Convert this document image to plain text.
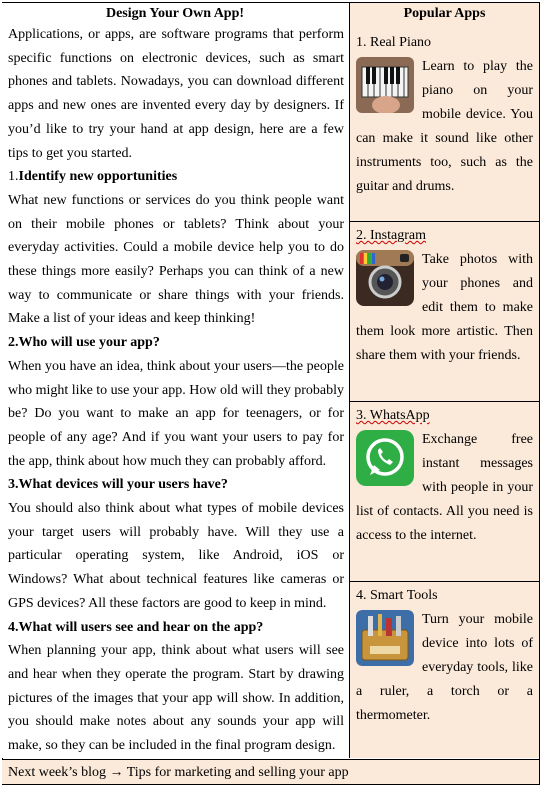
Design Your Own App!

Applications, or apps, are software programs that perform specific functions on electronic devices, such as smart phones and tablets. Nowadays, you can download different apps and new ones are invented every day by designers. If you’d like to try your hand at app design, here are a few tips to get you started.

1.Identify new opportunities

What new functions or services do you think people want on their mobile phones or tablets? Think about your everyday activities. Could a mobile device help you to do these things more easily? Perhaps you can think of a new way to communicate or share things with your friends. Make a list of your ideas and keep thinking!

2.Who will use your app?

When you have an idea, think about your users—the people who might like to use your app. How old will they probably be? Do you want to make an app for teenagers, or for people of any age? And if you want your users to pay for the app, think about how much they can probably afford.

3.What devices will your users have?

You should also think about what types of mobile devices your target users will probably have. Will they use a particular operating system, like Android, iOS or Windows? What about technical features like cameras or GPS devices? All these factors are good to keep in mind.

4.What will users see and hear on the app?

When planning your app, think about what users will see and hear when they operate the program. Start by drawing pictures of the images that your app will show. In addition, you should make notes about any sounds your app will make, so they can be included in the final program design.

Popular Apps
1. Real Piano
Learn to play the piano on your mobile device. You can make it sound like other instruments too, such as the guitar and drums.
2. Instagram
Take photos with your phones and edit them to make them look more artistic. Then share them with your friends.
3. WhatsApp
Exchange free instant messages with people in your list of contacts. All you need is access to the internet.
4. Smart Tools
Turn your mobile device into lots of everyday tools, like a ruler, a torch or a thermometer.
Next week’s blog → Tips for marketing and selling your app
